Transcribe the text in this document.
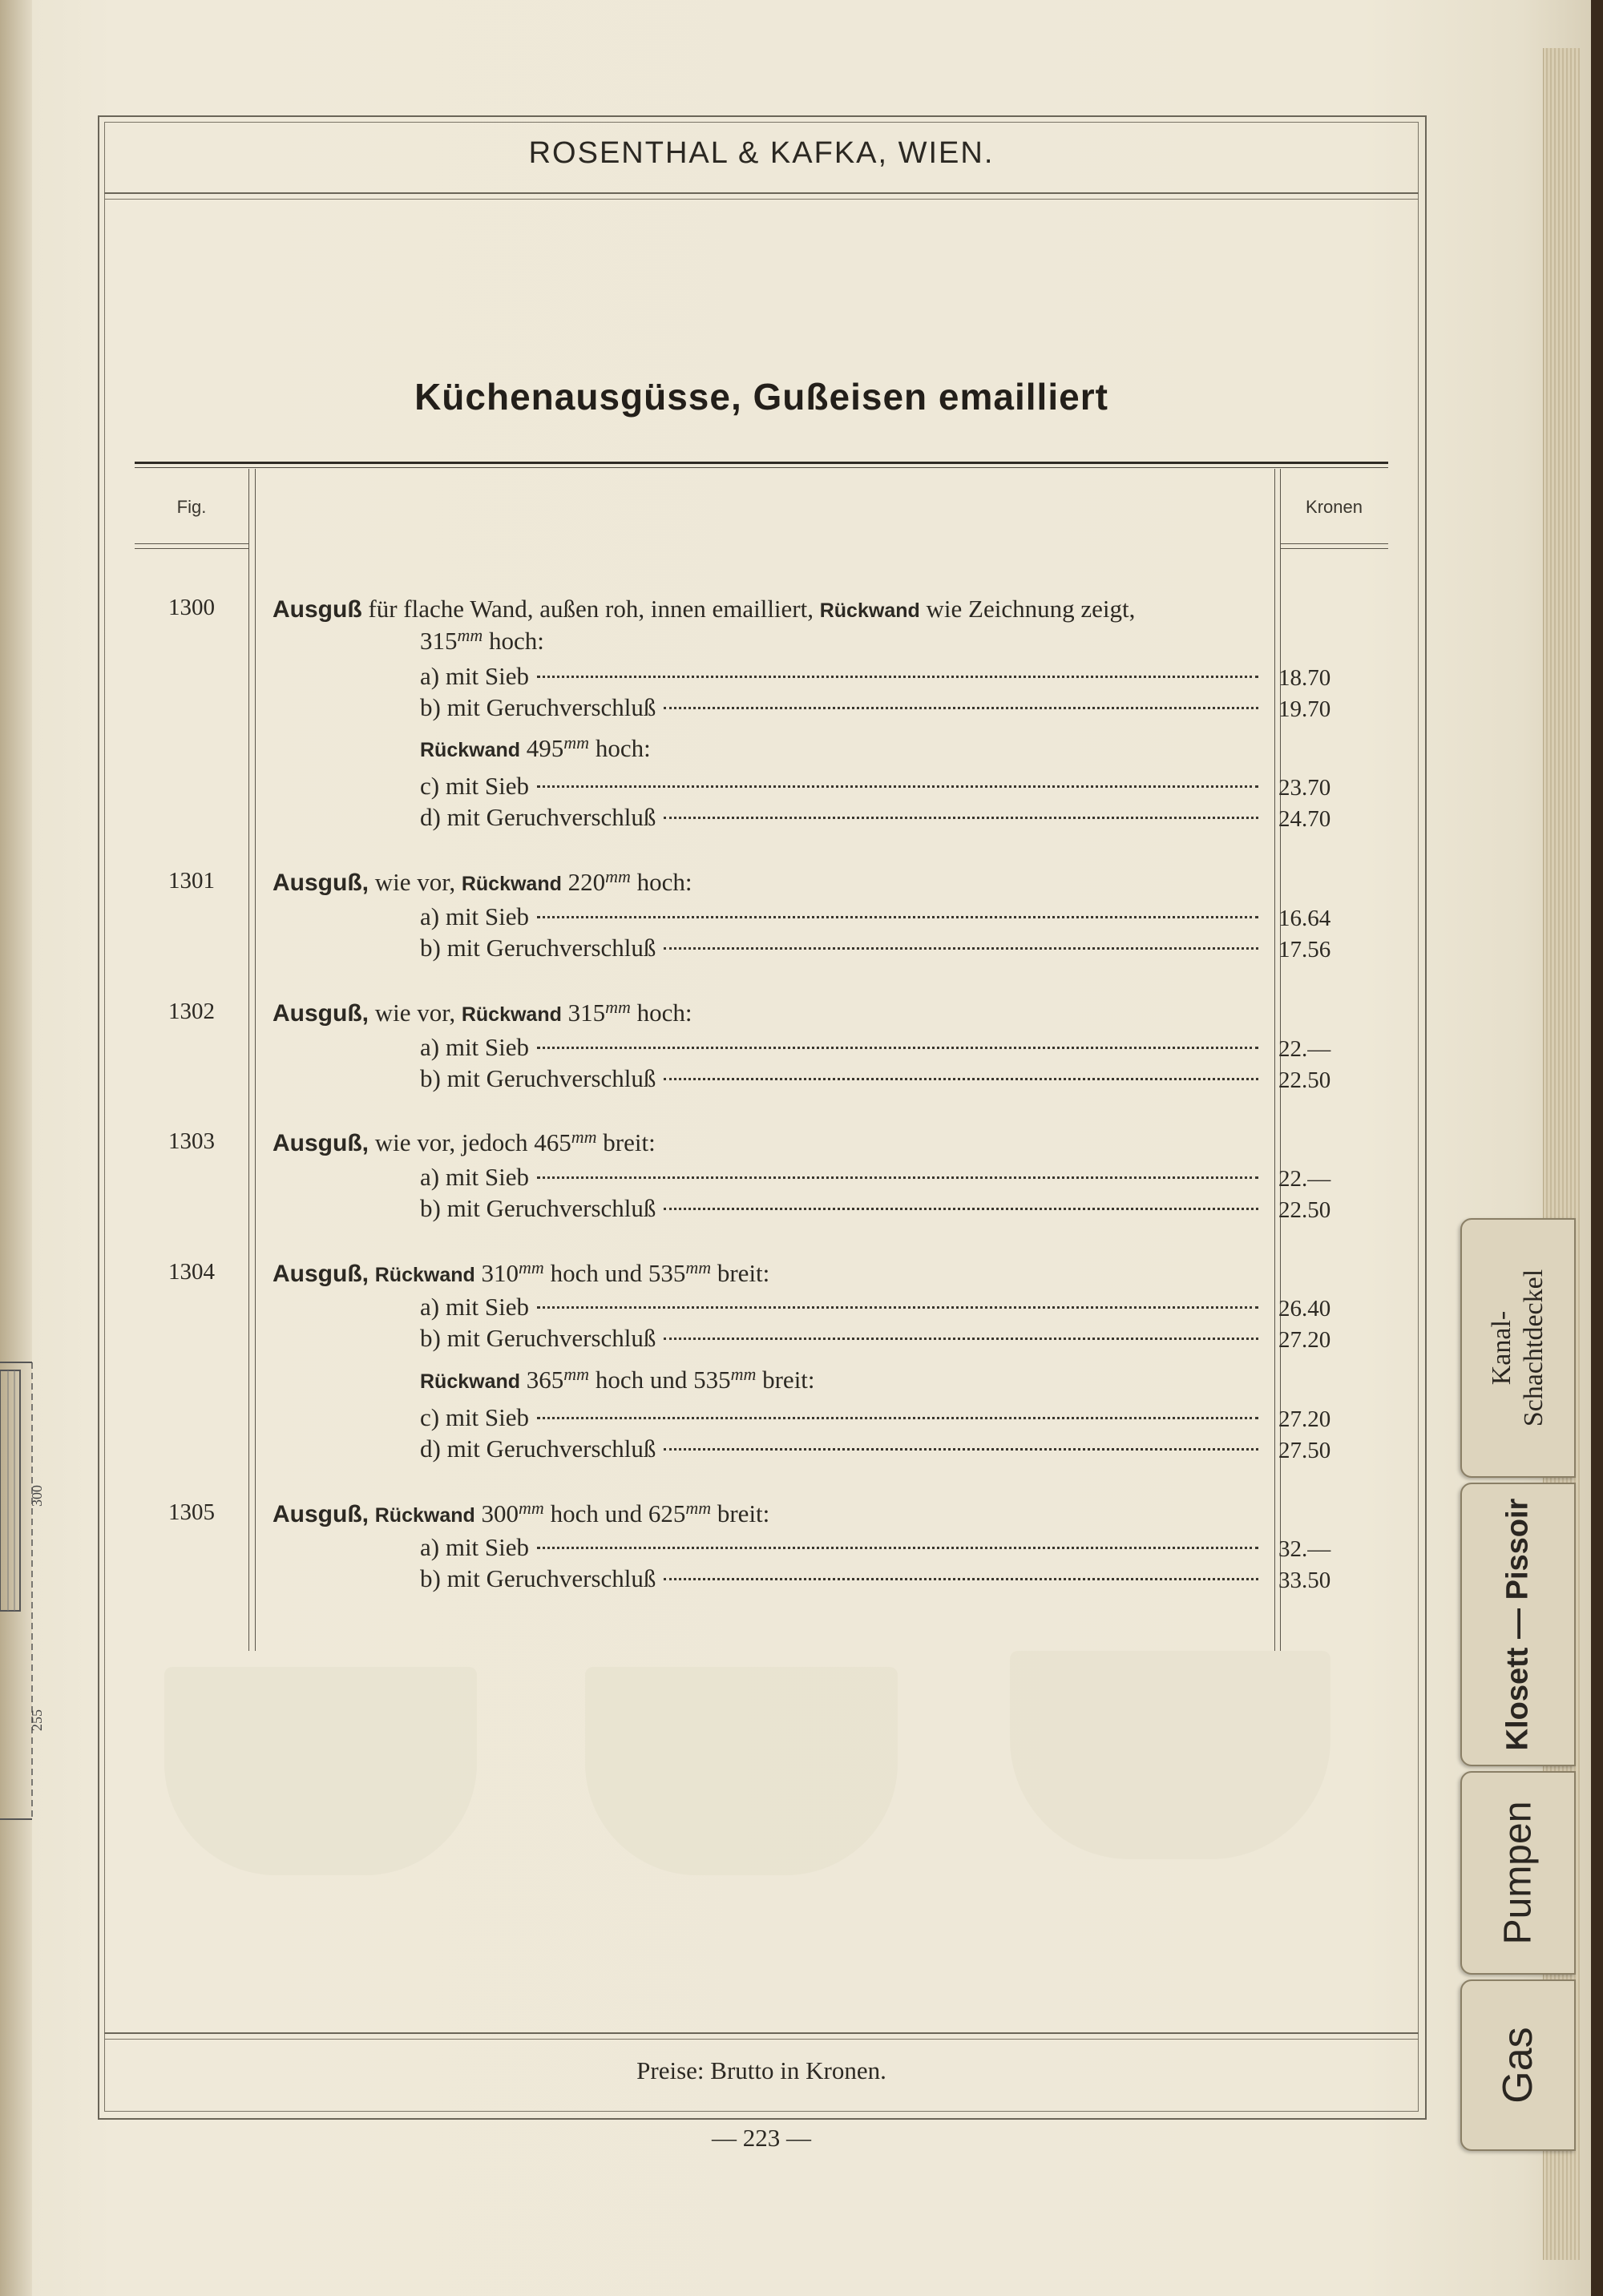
300
255
ROSENTHAL & KAFKA, WIEN.
Küchenausgüsse, Gußeisen emailliert
Fig.	Kronen
1300	Ausguß für flache Wand, außen roh, innen emailliert, Rückwand wie Zeichnung zeigt,
$315^{mm}$ hoch:
a) mit Sieb	18.70
b) mit Geruchverschluß	19.70
Rückwand $495^{mm}$ hoch:
c) mit Sieb	23.70
d) mit Geruchverschluß	24.70
1301	Ausguß, wie vor, Rückwand $220^{mm}$ hoch:
a) mit Sieb	16.64
b) mit Geruchverschluß	17.56
1302	Ausguß, wie vor, Rückwand $315^{mm}$ hoch:
a) mit Sieb	22.—
b) mit Geruchverschluß	22.50
1303	Ausguß, wie vor, jedoch $465^{mm}$ breit:
a) mit Sieb	22.—
b) mit Geruchverschluß	22.50
1304	Ausguß, Rückwand $310^{mm}$ hoch und $535^{mm}$ breit:
a) mit Sieb	26.40
b) mit Geruchverschluß	27.20
Rückwand $365^{mm}$ hoch und $535^{mm}$ breit:
c) mit Sieb	27.20
d) mit Geruchverschluß	27.50
1305	Ausguß, Rückwand $300^{mm}$ hoch und $625^{mm}$ breit:
a) mit Sieb	32.—
b) mit Geruchverschluß	33.50
Preise: Brutto in Kronen.
— 223 —
Kanal- Schachtdeckel
Klosett — Pissoir
Pumpen
Gas
